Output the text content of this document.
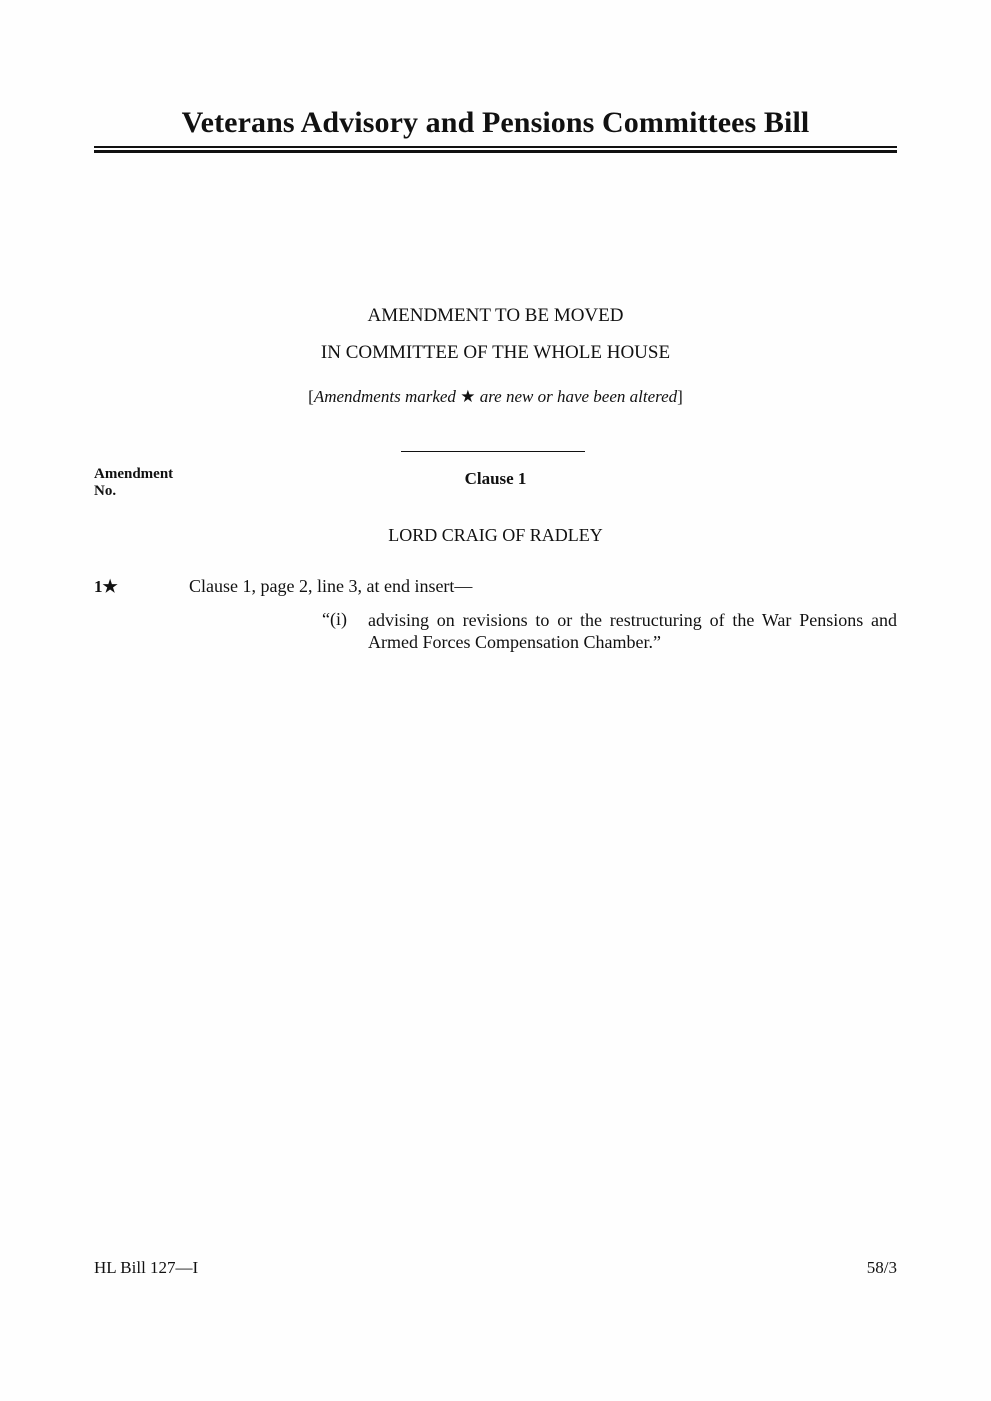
Veterans Advisory and Pensions Committees Bill
AMENDMENT TO BE MOVED
IN COMMITTEE OF THE WHOLE HOUSE
[Amendments marked ★ are new or have been altered]
Amendment
No.
Clause 1
LORD CRAIG OF RADLEY
1★	Clause 1, page 2, line 3, at end insert—
“(i) advising on revisions to or the restructuring of the War Pensions and Armed Forces Compensation Chamber.”
HL Bill 127—I	58/3
